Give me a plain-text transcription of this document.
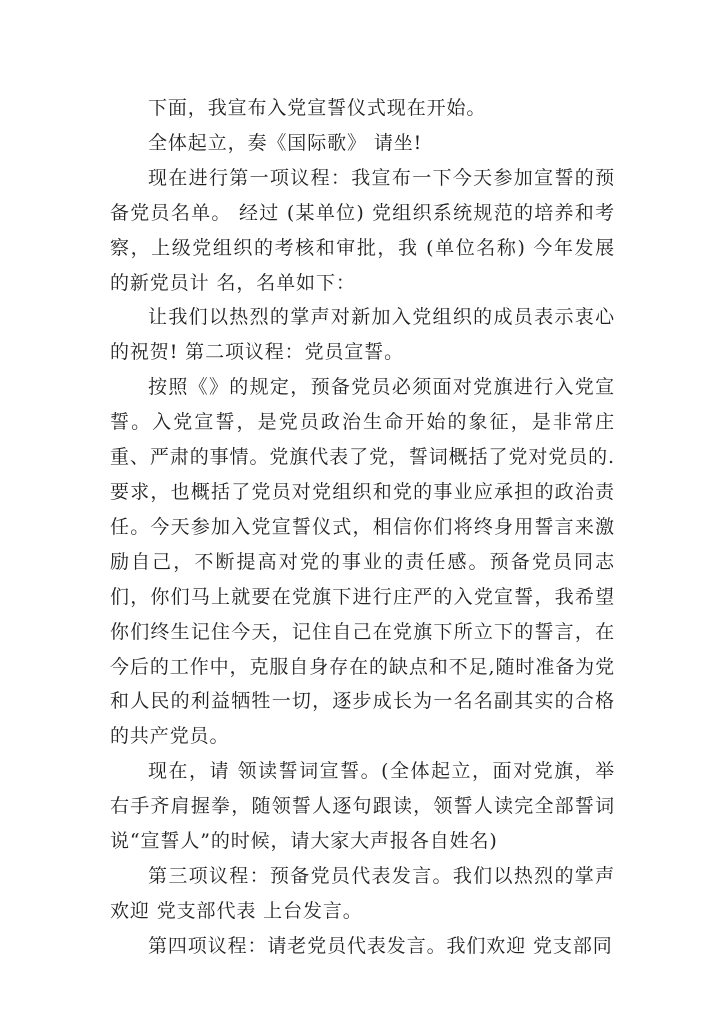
下面，我宣布入党宣誓仪式现在开始。

全体起立，奏《国际歌》 请坐!

现在进行第一项议程：我宣布一下今天参加宣誓的预备党员名单。 经过 (某单位) 党组织系统规范的培养和考察，上级党组织的考核和审批，我 (单位名称) 今年发展的新党员计 名，名单如下：

让我们以热烈的掌声对新加入党组织的成员表示衷心的祝贺! 第二项议程：党员宣誓。

按照《》的规定，预备党员必须面对党旗进行入党宣誓。入党宣誓，是党员政治生命开始的象征，是非常庄重、严肃的事情。党旗代表了党，誓词概括了党对党员的.要求，也概括了党员对党组织和党的事业应承担的政治责任。今天参加入党宣誓仪式，相信你们将终身用誓言来激励自己，不断提高对党的事业的责任感。预备党员同志们，你们马上就要在党旗下进行庄严的入党宣誓，我希望你们终生记住今天，记住自己在党旗下所立下的誓言，在今后的工作中，克服自身存在的缺点和不足,随时准备为党和人民的利益牺牲一切，逐步成长为一名名副其实的合格的共产党员。

现在，请 领读誓词宣誓。(全体起立，面对党旗，举右手齐肩握拳，随领誓人逐句跟读，领誓人读完全部誓词说“宣誓人”的时候，请大家大声报各自姓名)

第三项议程：预备党员代表发言。我们以热烈的掌声欢迎 党支部代表 上台发言。

第四项议程：请老党员代表发言。我们欢迎 党支部同
